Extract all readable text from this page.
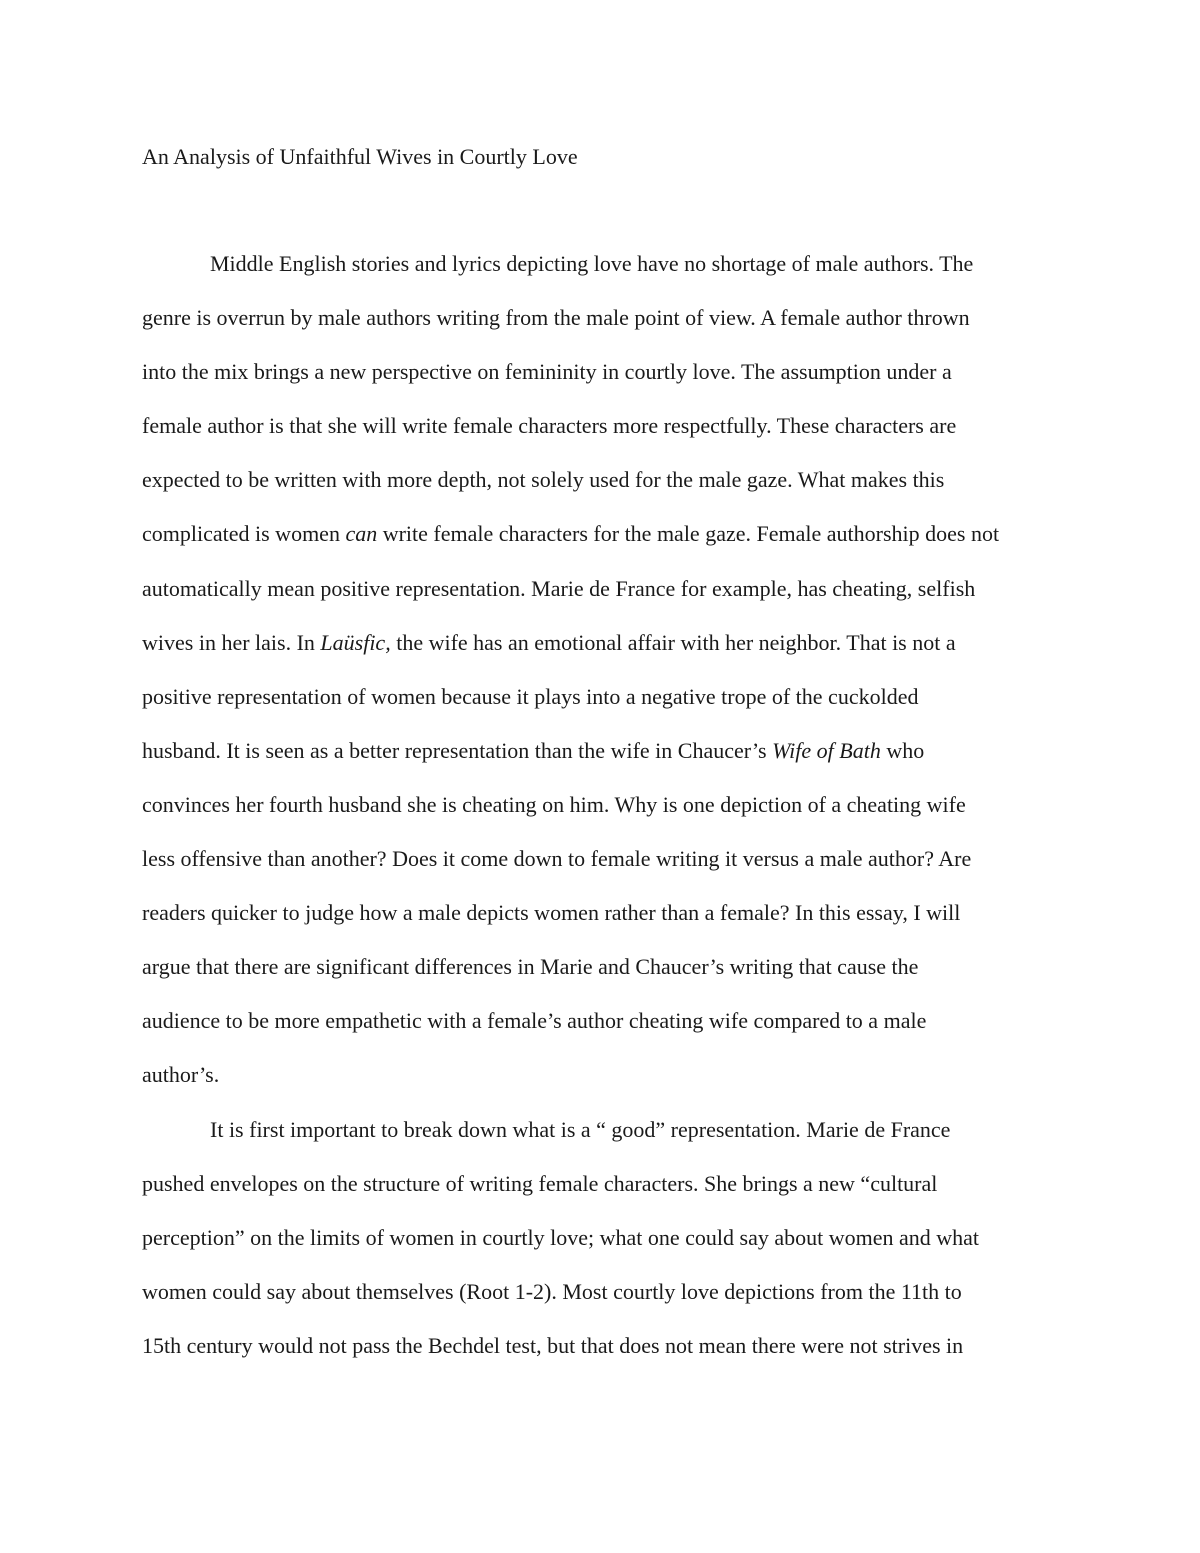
An Analysis of Unfaithful Wives in Courtly Love
Middle English stories and lyrics depicting love have no shortage of male authors. The
genre is overrun by male authors writing from the male point of view. A female author thrown
into the mix brings a new perspective on femininity in courtly love. The assumption under a
female author is that she will write female characters more respectfully. These characters are
expected to be written with more depth, not solely used for the male gaze. What makes this
complicated is women can write female characters for the male gaze. Female authorship does not
automatically mean positive representation. Marie de France for example, has cheating, selfish
wives in her lais. In Laüsfic, the wife has an emotional affair with her neighbor. That is not a
positive representation of women because it plays into a negative trope of the cuckolded
husband. It is seen as a better representation than the wife in Chaucer’s Wife of Bath who
convinces her fourth husband she is cheating on him. Why is one depiction of a cheating wife
less offensive than another? Does it come down to female writing it versus a male author? Are
readers quicker to judge how a male depicts women rather than a female? In this essay, I will
argue that there are significant differences in Marie and Chaucer’s writing that cause the
audience to be more empathetic with a female’s author cheating wife compared to a male
author’s.
It is first important to break down what is a “ good” representation. Marie de France
pushed envelopes on the structure of writing female characters. She brings a new “cultural
perception” on the limits of women in courtly love; what one could say about women and what
women could say about themselves (Root 1-2). Most courtly love depictions from the 11th to
15th century would not pass the Bechdel test, but that does not mean there were not strives in
